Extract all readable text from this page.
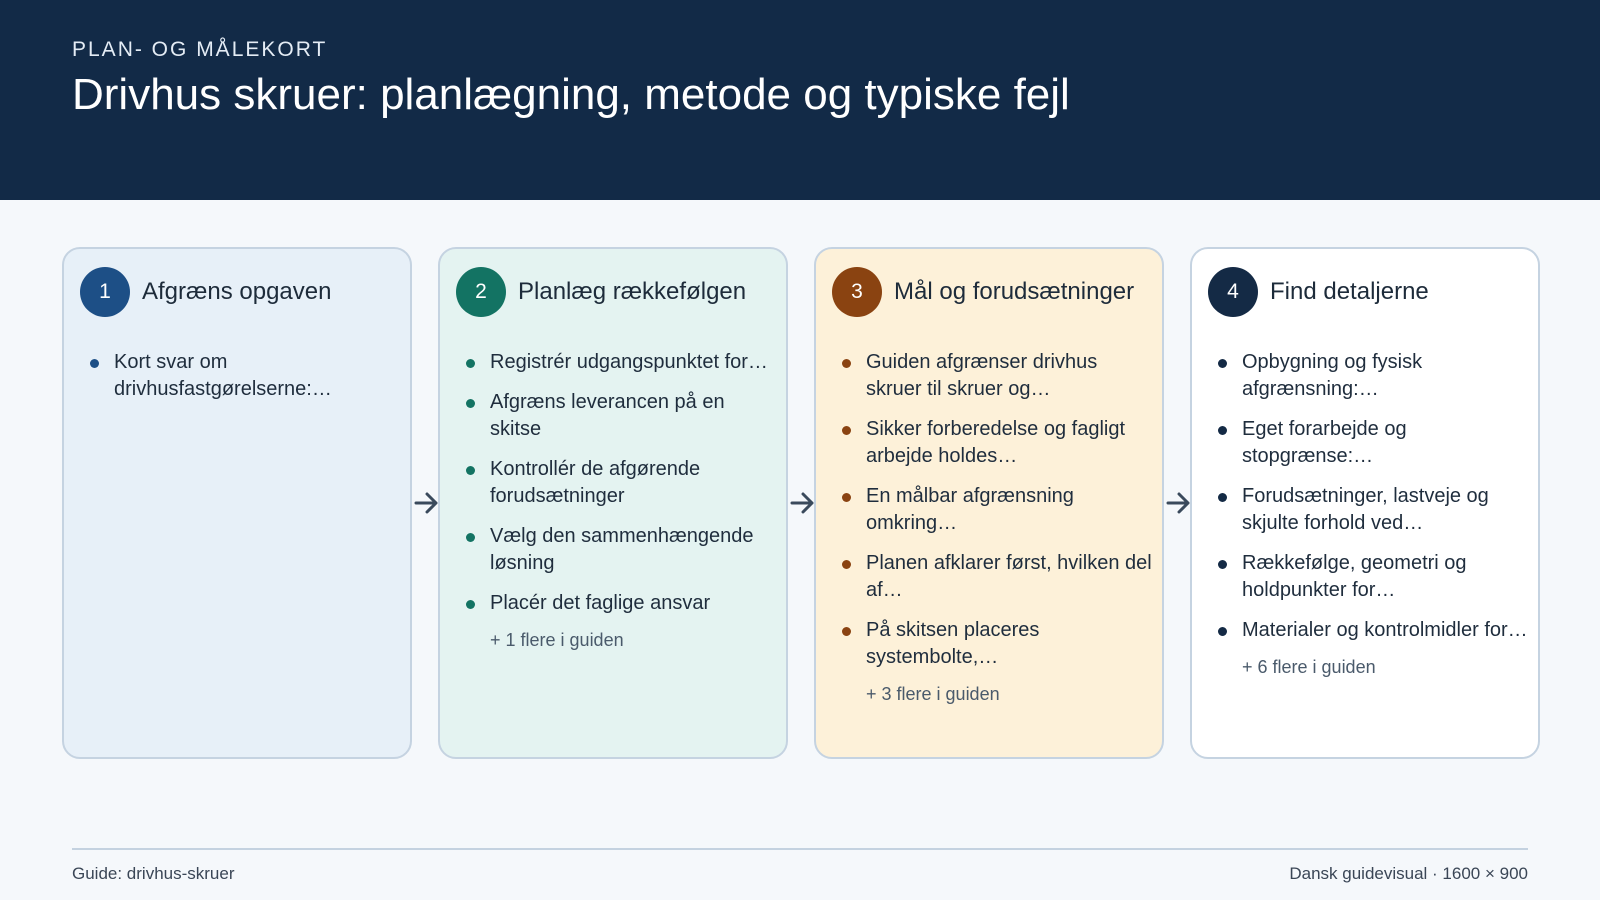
PLAN- OG MÅLEKORT
Drivhus skruer: planlægning, metode og typiske fejl
1	Afgræns opgaven
Kort svar om drivhusfastgørelserne:…
2	Planlæg rækkefølgen
Registrér udgangspunktet for…
Afgræns leverancen på en skitse
Kontrollér de afgørende forudsætninger
Vælg den sammenhængende løsning
Placér det faglige ansvar
+ 1 flere i guiden
3	Mål og forudsætninger
Guiden afgrænser drivhus skruer til skruer og…
Sikker forberedelse og fagligt arbejde holdes…
En målbar afgrænsning omkring…
Planen afklarer først, hvilken del af…
På skitsen placeres systembolte,…
+ 3 flere i guiden
4	Find detaljerne
Opbygning og fysisk afgrænsning:…
Eget forarbejde og stopgrænse:…
Forudsætninger, lastveje og skjulte forhold ved…
Rækkefølge, geometri og holdpunkter for…
Materialer og kontrolmidler for…
+ 6 flere i guiden
Guide: drivhus-skruer	Dansk guidevisual · 1600 × 900
